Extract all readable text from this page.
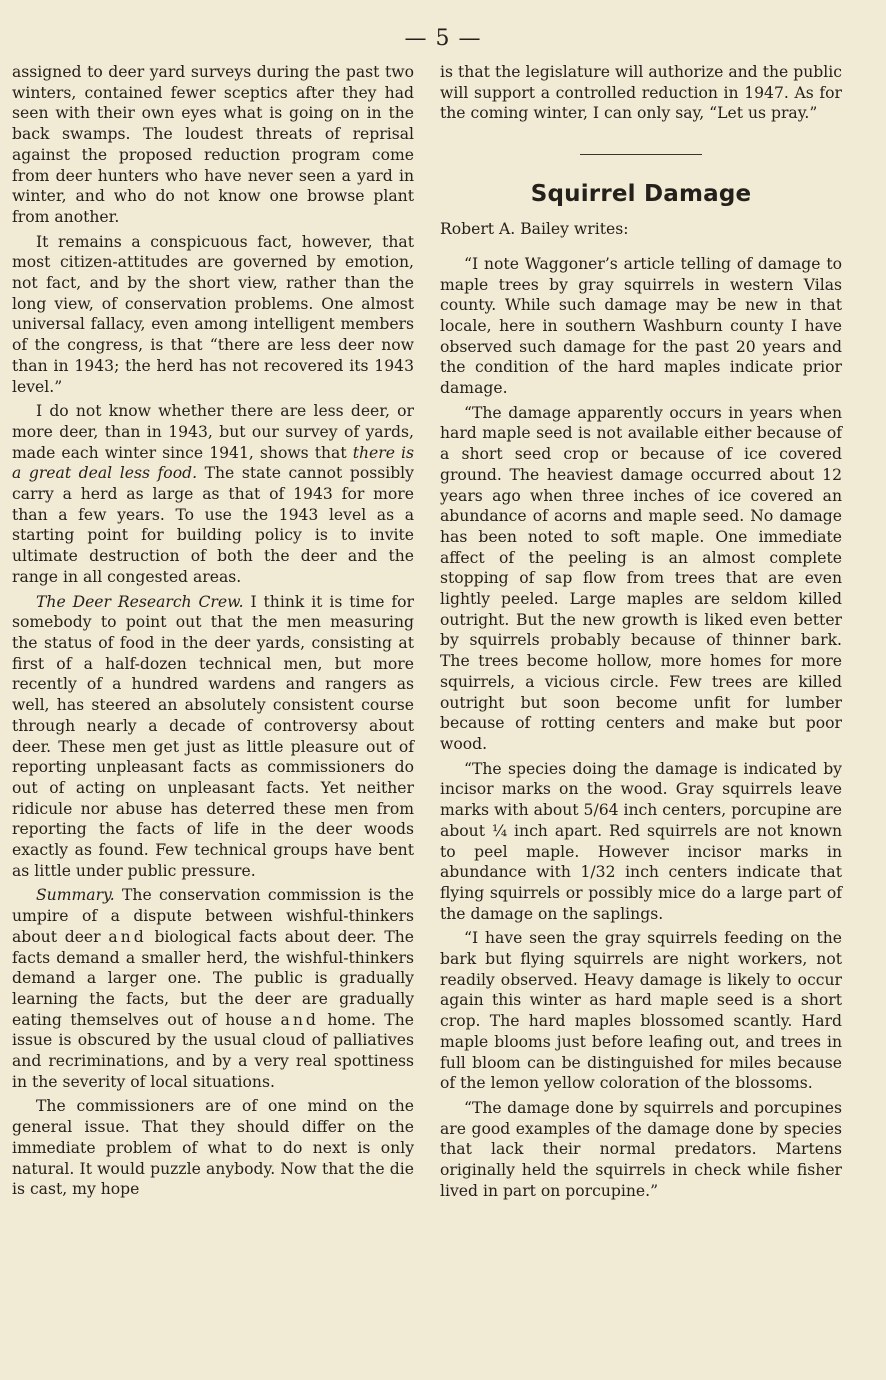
— 5 —

assigned to deer yard surveys during the past two winters, contained fewer sceptics after they had seen with their own eyes what is going on in the back swamps. The loudest threats of reprisal against the proposed reduction program come from deer hunters who have never seen a yard in winter, and who do not know one browse plant from another.

It remains a conspicuous fact, however, that most citizen-attitudes are governed by emotion, not fact, and by the short view, rather than the long view, of conservation problems. One almost universal fallacy, even among intelligent members of the congress, is that “there are less deer now than in 1943; the herd has not recovered its 1943 level.”

I do not know whether there are less deer, or more deer, than in 1943, but our survey of yards, made each winter since 1941, shows that there is a great deal less food. The state cannot possibly carry a herd as large as that of 1943 for more than a few years. To use the 1943 level as a starting point for building policy is to invite ultimate destruction of both the deer and the range in all congested areas.

The Deer Research Crew. I think it is time for somebody to point out that the men measuring the status of food in the deer yards, consisting at first of a half-dozen technical men, but more recently of a hundred wardens and rangers as well, has steered an absolutely consistent course through nearly a decade of controversy about deer. These men get just as little pleasure out of reporting unpleasant facts as commissioners do out of acting on unpleasant facts. Yet neither ridicule nor abuse has deterred these men from reporting the facts of life in the deer woods exactly as found. Few technical groups have bent as little under public pressure.

Summary. The conservation commission is the umpire of a dispute between wishful-thinkers about deer and biological facts about deer. The facts demand a smaller herd, the wishful-thinkers demand a larger one. The public is gradually learning the facts, but the deer are gradually eating themselves out of house and home. The issue is obscured by the usual cloud of palliatives and recriminations, and by a very real spottiness in the severity of local situations.

The commissioners are of one mind on the general issue. That they should differ on the immediate problem of what to do next is only natural. It would puzzle anybody. Now that the die is cast, my hope

is that the legislature will authorize and the public will support a controlled reduction in 1947. As for the coming winter, I can only say, “Let us pray.”

Squirrel Damage

Robert A. Bailey writes:

“I note Waggoner’s article telling of damage to maple trees by gray squirrels in western Vilas county. While such damage may be new in that locale, here in southern Washburn county I have observed such damage for the past 20 years and the condition of the hard maples indicate prior damage.

“The damage apparently occurs in years when hard maple seed is not available either because of a short seed crop or because of ice covered ground. The heaviest damage occurred about 12 years ago when three inches of ice covered an abundance of acorns and maple seed. No damage has been noted to soft maple. One immediate affect of the peeling is an almost complete stopping of sap flow from trees that are even lightly peeled. Large maples are seldom killed outright. But the new growth is liked even better by squirrels probably because of thinner bark. The trees become hollow, more homes for more squirrels, a vicious circle. Few trees are killed outright but soon become unfit for lumber because of rotting centers and make but poor wood.

“The species doing the damage is indicated by incisor marks on the wood. Gray squirrels leave marks with about 5/64 inch centers, porcupine are about ¼ inch apart. Red squirrels are not known to peel maple. However incisor marks in abundance with 1/32 inch centers indicate that flying squirrels or possibly mice do a large part of the damage on the saplings.

“I have seen the gray squirrels feeding on the bark but flying squirrels are night workers, not readily observed. Heavy damage is likely to occur again this winter as hard maple seed is a short crop. The hard maples blossomed scantly. Hard maple blooms just before leafing out, and trees in full bloom can be distinguished for miles because of the lemon yellow coloration of the blossoms.

“The damage done by squirrels and porcupines are good examples of the damage done by species that lack their normal predators. Martens originally held the squirrels in check while fisher lived in part on porcupine.”
